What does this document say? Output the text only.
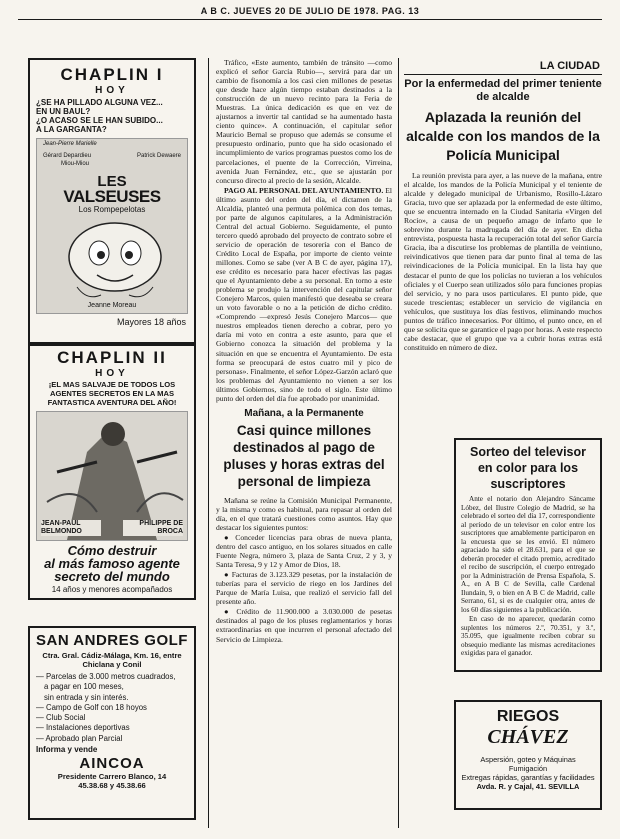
A B C. JUEVES 20 DE JULIO DE 1978. PAG. 13
CHAPLIN I
HOY
¿SE HA PILLADO ALGUNA VEZ...
EN UN BAUL?
¿O ACASO SE LE HAN SUBIDO...
A LA GARGANTA?
Jean-Pierre Marielle
Gérard Depardieu	Patrick Dewaere
Miou-Miou
LES
VALSEUSES
Los Rompepelotas
Jeanne Moreau
Mayores 18 años
CHAPLIN II
HOY
¡EL MAS SALVAJE DE TODOS LOS AGENTES SECRETOS EN LA MAS FANTASTICA AVENTURA DEL AÑO!
JEAN-PAUL BELMONDO
PHILIPPE DE BROCA
Cómo destruir
al más famoso agente
secreto del mundo
14 años y menores acompañados
SAN ANDRES GOLF
Ctra. Gral. Cádiz-Málaga, Km. 16, entre Chiclana y Conil
— Parcelas de 3.000 metros cuadrados,
a pagar en 100 meses,
sin entrada y sin interés.
— Campo de Golf con 18 hoyos
— Club Social
— Instalaciones deportivas
— Aprobado plan Parcial
Informa y vende
AINCOA
Presidente Carrero Blanco, 14
45.38.68 y 45.38.66

Tráfico, «Este aumento, también de tránsito —como explicó el señor García Rubio—, servirá para dar un cambio de fisonomía a los casi cien millones de pesetas que desde hace algún tiempo estaban destinados a la construcción de un nuevo recinto para la Feria de Muestras. La única dedicación es que en vez de ajustarnos a invertir tal cantidad se ha aumentado hasta ciento quince». A continuación, el capitular señor Mauricio Bernal se propuso que además se consume el presupuesto ordinario, punto que ha sido ocasionado el incumplimiento de varios programas puestos como los de parcelaciones, el puente de la Corrección, Virreina, avenida Juan Fernández, etc., que se ajustarán por concurso directo al precio de la sesión, Alcalde.

PAGO AL PERSONAL DEL AYUNTAMIENTO. El último asunto del orden del día, el dictamen de la Alcaldía, planteó una permuta polémica con dos temas, por parte de algunos capitulares, a la Administración Central del actual Gobierno. Seguidamente, el punto tercero quedó aprobado del proyecto de contrato sobre el servicio de operación de tesorería con el Banco de Crédito Local de España, por importe de ciento veinte millones. Como se sabe (ver A B C de ayer, página 17), ese crédito es necesario para hacer efectivas las pagas que el Ayuntamiento debe a su personal. En torno a este problema se produjo la intervención del capitular señor Conejero Marcos, quien manifestó que deseaba se creara un voto favorable o no a la petición de dicho crédito. «Comprendo —expresó Jesús Conejero Marcos— que nuestros empleados tienen derecho a cobrar, pero yo daría mi voto en contra a este asunto, para que el Gobierno conozca la situación del problema y la situación en que se encuentra el Ayuntamiento. De esta forma se preocupará de estos cuatro mil y pico de personas». Finalmente, el señor López-Garzón aclaró que los problemas del Ayuntamiento no vienen a ser los últimos Gobiernos, sino de todo el siglo. Este último punto del orden del día fue aprobado por unanimidad.

Mañana, a la Permanente
Casi quince millones destinados al pago de pluses y horas extras del personal de limpieza

Mañana se reúne la Comisión Municipal Permanente, y la misma y como es habitual, para repasar al orden del día, en el que tratará cuestiones como asuntos. Hay que destacar los siguientes puntos:

● Conceder licencias para obras de nueva planta, dentro del casco antiguo, en los solares situados en calle Fuente Negra, número 3, plaza de Santa Cruz, 2 y 3, y Santa Teresa, 9 y 12 y Amor de Dios, 18.

● Facturas de 3.123.329 pesetas, por la instalación de tuberías para el servicio de riego en los Jardines del Parque de María Luisa, que realizó el servicio fall del presente año.

● Crédito de 11.900.000 a 3.030.000 de pesetas destinados al pago de los pluses reglamentarios y horas extraordinarias en que incurren el personal afectado del Servicio de Limpieza.

LA CIUDAD
Por la enfermedad del primer teniente de alcalde
Aplazada la reunión del alcalde con los mandos de la Policía Municipal

La reunión prevista para ayer, a las nueve de la mañana, entre el alcalde, los mandos de la Policía Municipal y el teniente de alcalde y delegado municipal de Urbanismo, Rosillo-Lázaro Gracia, tuvo que ser aplazada por la enfermedad de este último, que se encuentra internado en la Ciudad Sanitaria «Virgen del Rocío», a causa de un pequeño amago de infarto que le sobrevino durante la madrugada del día de ayer. En dicha entrevista, pospuesta hasta la recuperación total del señor García Gracia, iba a discutirse los problemas de plantilla de veintiuno, reivindicativos que tienen para dar punto final al tema de las reivindicaciones de la Policía municipal. En la lista hay que destacar el punto de que los policías no tuvieran a los vehículos oficiales y el Cuerpo sean utilizados sólo para funciones propias del servicio, y no para usos particulares. El punto pide, que sucede trescientas; establecer un servicio de vigilancia en vehículos, que sustituya los días festivos, eliminando muchos puntos de tráfico innecesarios. Por último, el punto once, en el que se solicita que se garantice el pago por horas. A este respecto cabe destacar, que el grupo que va a cubrir horas extras está constituido en número de diez.

Sorteo del televisor en color para los suscriptores

Ante el notario don Alejandro Sáncame Lóbez, del Ilustre Colegio de Madrid, se ha celebrado el sorteo del día 17, correspondiente al período de un televisor en color entre los suscriptores que amablemente participaron en la encuesta que se les envió. El número agraciado ha sido el 28.631, para el que se deberán proceder el citado premio, acreditado el recibo de suscripción, el cuerpo entregado por la Administración de Prensa Española, S. A., en A B C de Sevilla, calle Cardenal Ilundain, 9, o bien en A B C de Madrid, calle Serrano, 61, si es de cualquier otra, antes de los 60 días siguientes a la publicación.

En caso de no aparecer, quedarán como suplentes los números 2.º, 70.351, y 3.º, 35.095, que igualmente reciben cobrar su obsequio mediante las mismas acreditaciones exigidas para el ganador.

RIEGOS CHÁVEZ
Aspersión, goteo y Máquinas
Fumigación
Extregas rápidas, garantías y facilidades
Avda. R. y Cajal, 41. SEVILLA
